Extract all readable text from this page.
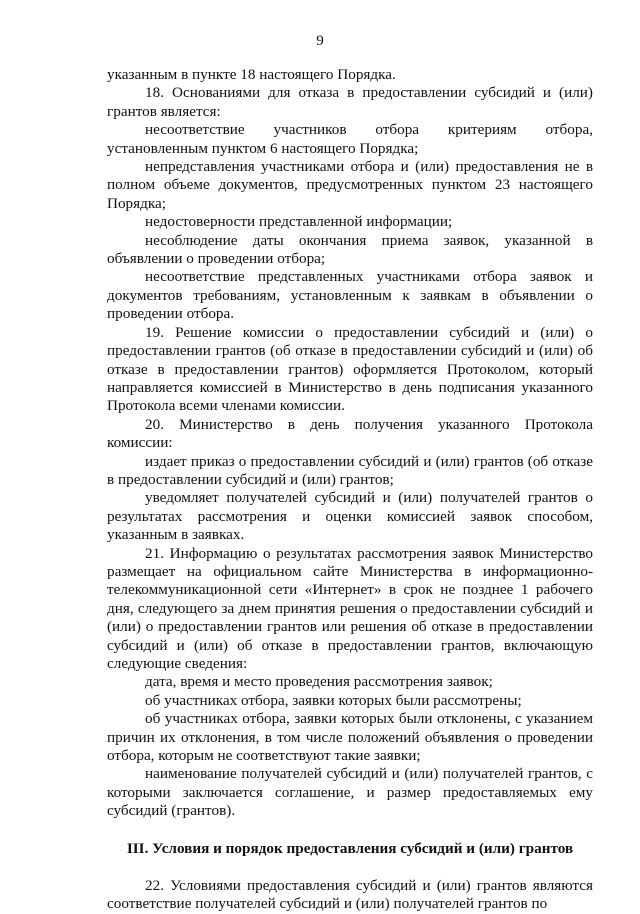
9

указанным в пункте 18 настоящего Порядка.

18. Основаниями для отказа в предоставлении субсидий и (или) грантов является:

несоответствие участников отбора критериям отбора, установленным пунктом 6 настоящего Порядка;

непредставления участниками отбора и (или) предоставления не в полном объеме документов, предусмотренных пунктом 23 настоящего Порядка;

недостоверности представленной информации;

несоблюдение даты окончания приема заявок, указанной в объявлении о проведении отбора;

несоответствие представленных участниками отбора заявок и документов требованиям, установленным к заявкам в объявлении о проведении отбора.

19. Решение комиссии о предоставлении субсидий и (или) о предоставлении грантов (об отказе в предоставлении субсидий и (или) об отказе в предоставлении грантов) оформляется Протоколом, который направляется комиссией в Министерство в день подписания указанного Протокола всеми членами комиссии.

20. Министерство в день получения указанного Протокола комиссии:

издает приказ о предоставлении субсидий и (или) грантов (об отказе в предоставлении субсидий и (или) грантов;

уведомляет получателей субсидий и (или) получателей грантов о результатах рассмотрения и оценки комиссией заявок способом, указанным в заявках.

21. Информацию о результатах рассмотрения заявок Министерство размещает на официальном сайте Министерства в информационно-телекоммуникационной сети «Интернет» в срок не позднее 1 рабочего дня, следующего за днем принятия решения о предоставлении субсидий и (или) о предоставлении грантов или решения об отказе в предоставлении субсидий и (или) об отказе в предоставлении грантов, включающую следующие сведения:

дата, время и место проведения рассмотрения заявок;

об участниках отбора, заявки которых были рассмотрены;

об участниках отбора, заявки которых были отклонены, с указанием причин их отклонения, в том числе положений объявления о проведении отбора, которым не соответствуют такие заявки;

наименование получателей субсидий и (или) получателей грантов, с которыми заключается соглашение, и размер предоставляемых ему субсидий (грантов).

III. Условия и порядок предоставления субсидий и (или) грантов

22. Условиями предоставления субсидий и (или) грантов являются соответствие получателей субсидий и (или) получателей грантов по
